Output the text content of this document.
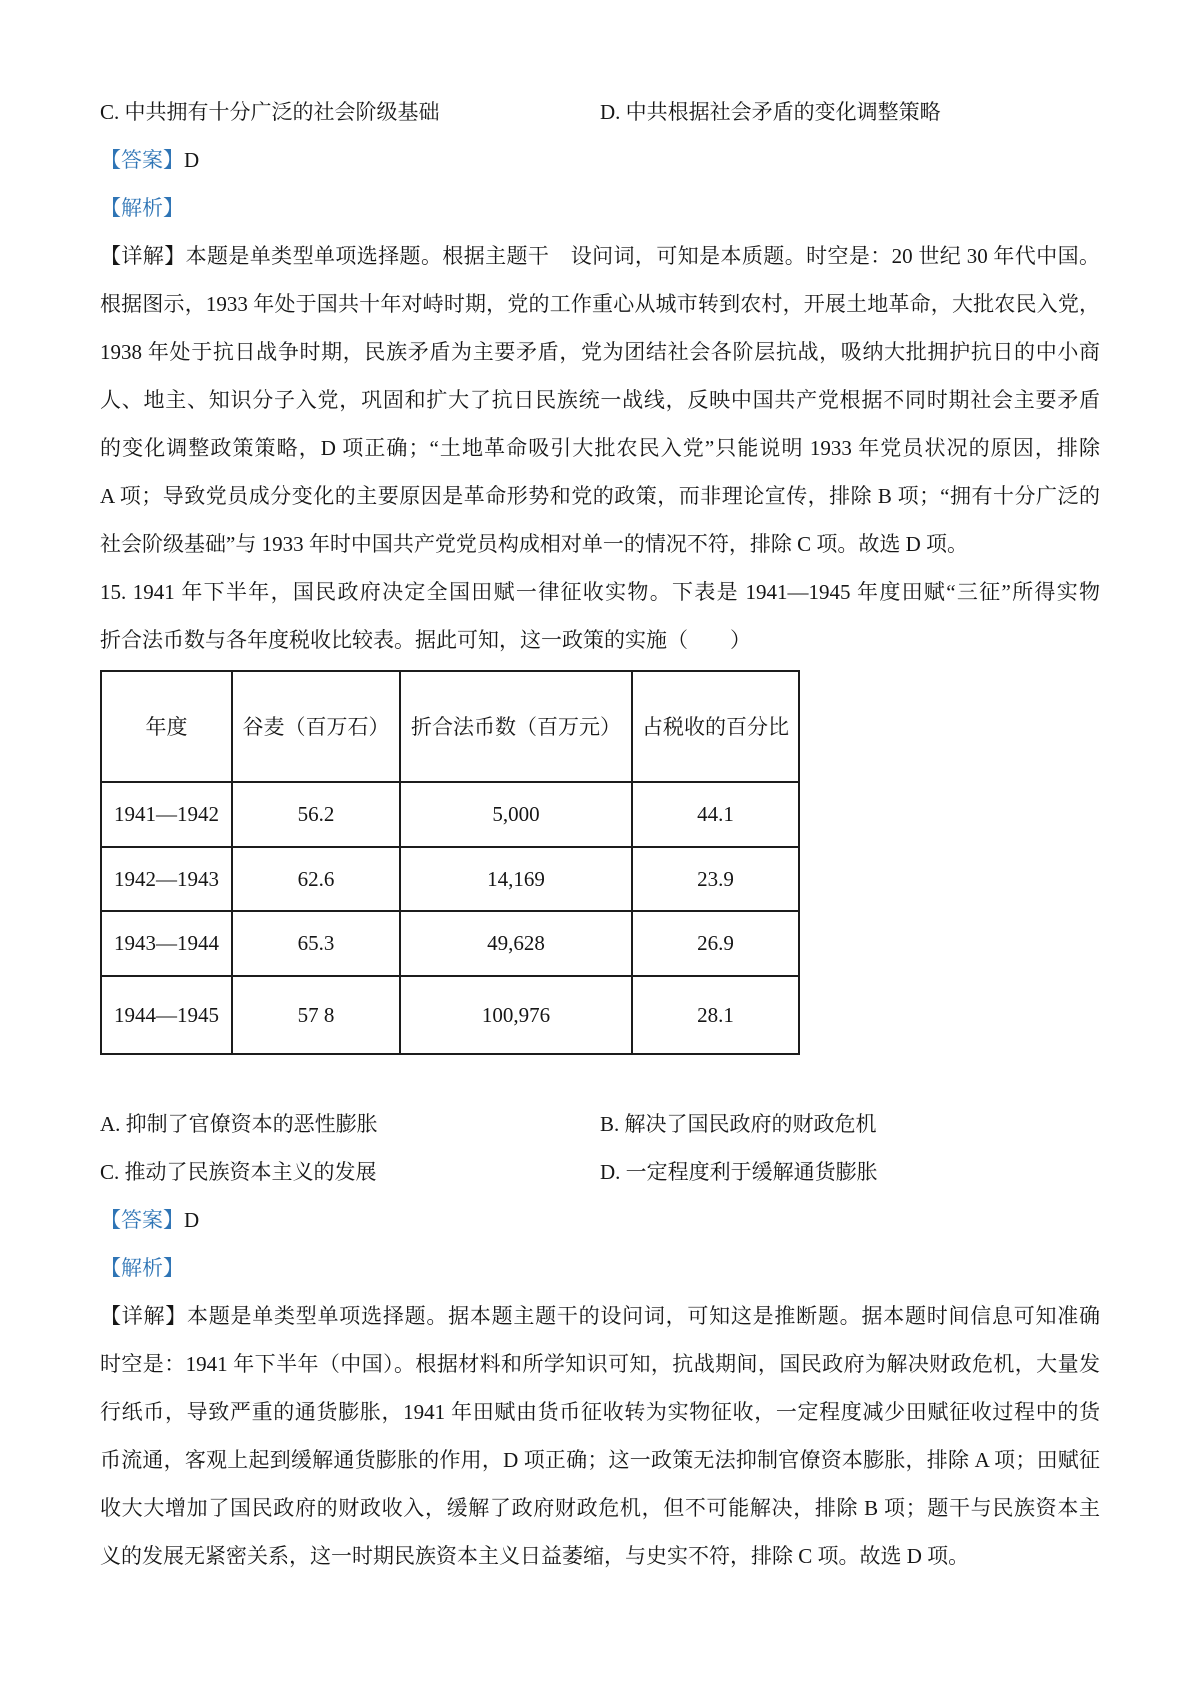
C. 中共拥有十分广泛的社会阶级基础	D. 中共根据社会矛盾的变化调整策略
【答案】D
【解析】
【详解】本题是单类型单项选择题。根据主题干　设问词，可知是本质题。时空是：20 世纪 30 年代中国。
根据图示，1933 年处于国共十年对峙时期，党的工作重心从城市转到农村，开展土地革命，大批农民入党，
1938 年处于抗日战争时期，民族矛盾为主要矛盾，党为团结社会各阶层抗战，吸纳大批拥护抗日的中小商
人、地主、知识分子入党，巩固和扩大了抗日民族统一战线，反映中国共产党根据不同时期社会主要矛盾
的变化调整政策策略，D 项正确；“土地革命吸引大批农民入党”只能说明 1933 年党员状况的原因，排除
A 项；导致党员成分变化的主要原因是革命形势和党的政策，而非理论宣传，排除 B 项；“拥有十分广泛的
社会阶级基础”与 1933 年时中国共产党党员构成相对单一的情况不符，排除 C 项。故选 D 项。
15. 1941 年下半年，国民政府决定全国田赋一律征收实物。下表是 1941—1945 年度田赋“三征”所得实物
折合法币数与各年度税收比较表。据此可知，这一政策的实施（　　）
年度	谷麦（百万石）	折合法币数（百万元）	占税收的百分比
1941—1942	56.2	5,000	44.1
1942—1943	62.6	14,169	23.9
1943—1944	65.3	49,628	26.9
1944—1945	57 8	100,976	28.1
A. 抑制了官僚资本的恶性膨胀	B. 解决了国民政府的财政危机
C. 推动了民族资本主义的发展	D. 一定程度利于缓解通货膨胀
【答案】D
【解析】
【详解】本题是单类型单项选择题。据本题主题干的设问词，可知这是推断题。据本题时间信息可知准确
时空是：1941 年下半年（中国）。根据材料和所学知识可知，抗战期间，国民政府为解决财政危机，大量发
行纸币，导致严重的通货膨胀，1941 年田赋由货币征收转为实物征收，一定程度减少田赋征收过程中的货
币流通，客观上起到缓解通货膨胀的作用，D 项正确；这一政策无法抑制官僚资本膨胀，排除 A 项；田赋征
收大大增加了国民政府的财政收入，缓解了政府财政危机，但不可能解决，排除 B 项；题干与民族资本主
义的发展无紧密关系，这一时期民族资本主义日益萎缩，与史实不符，排除 C 项。故选 D 项。
